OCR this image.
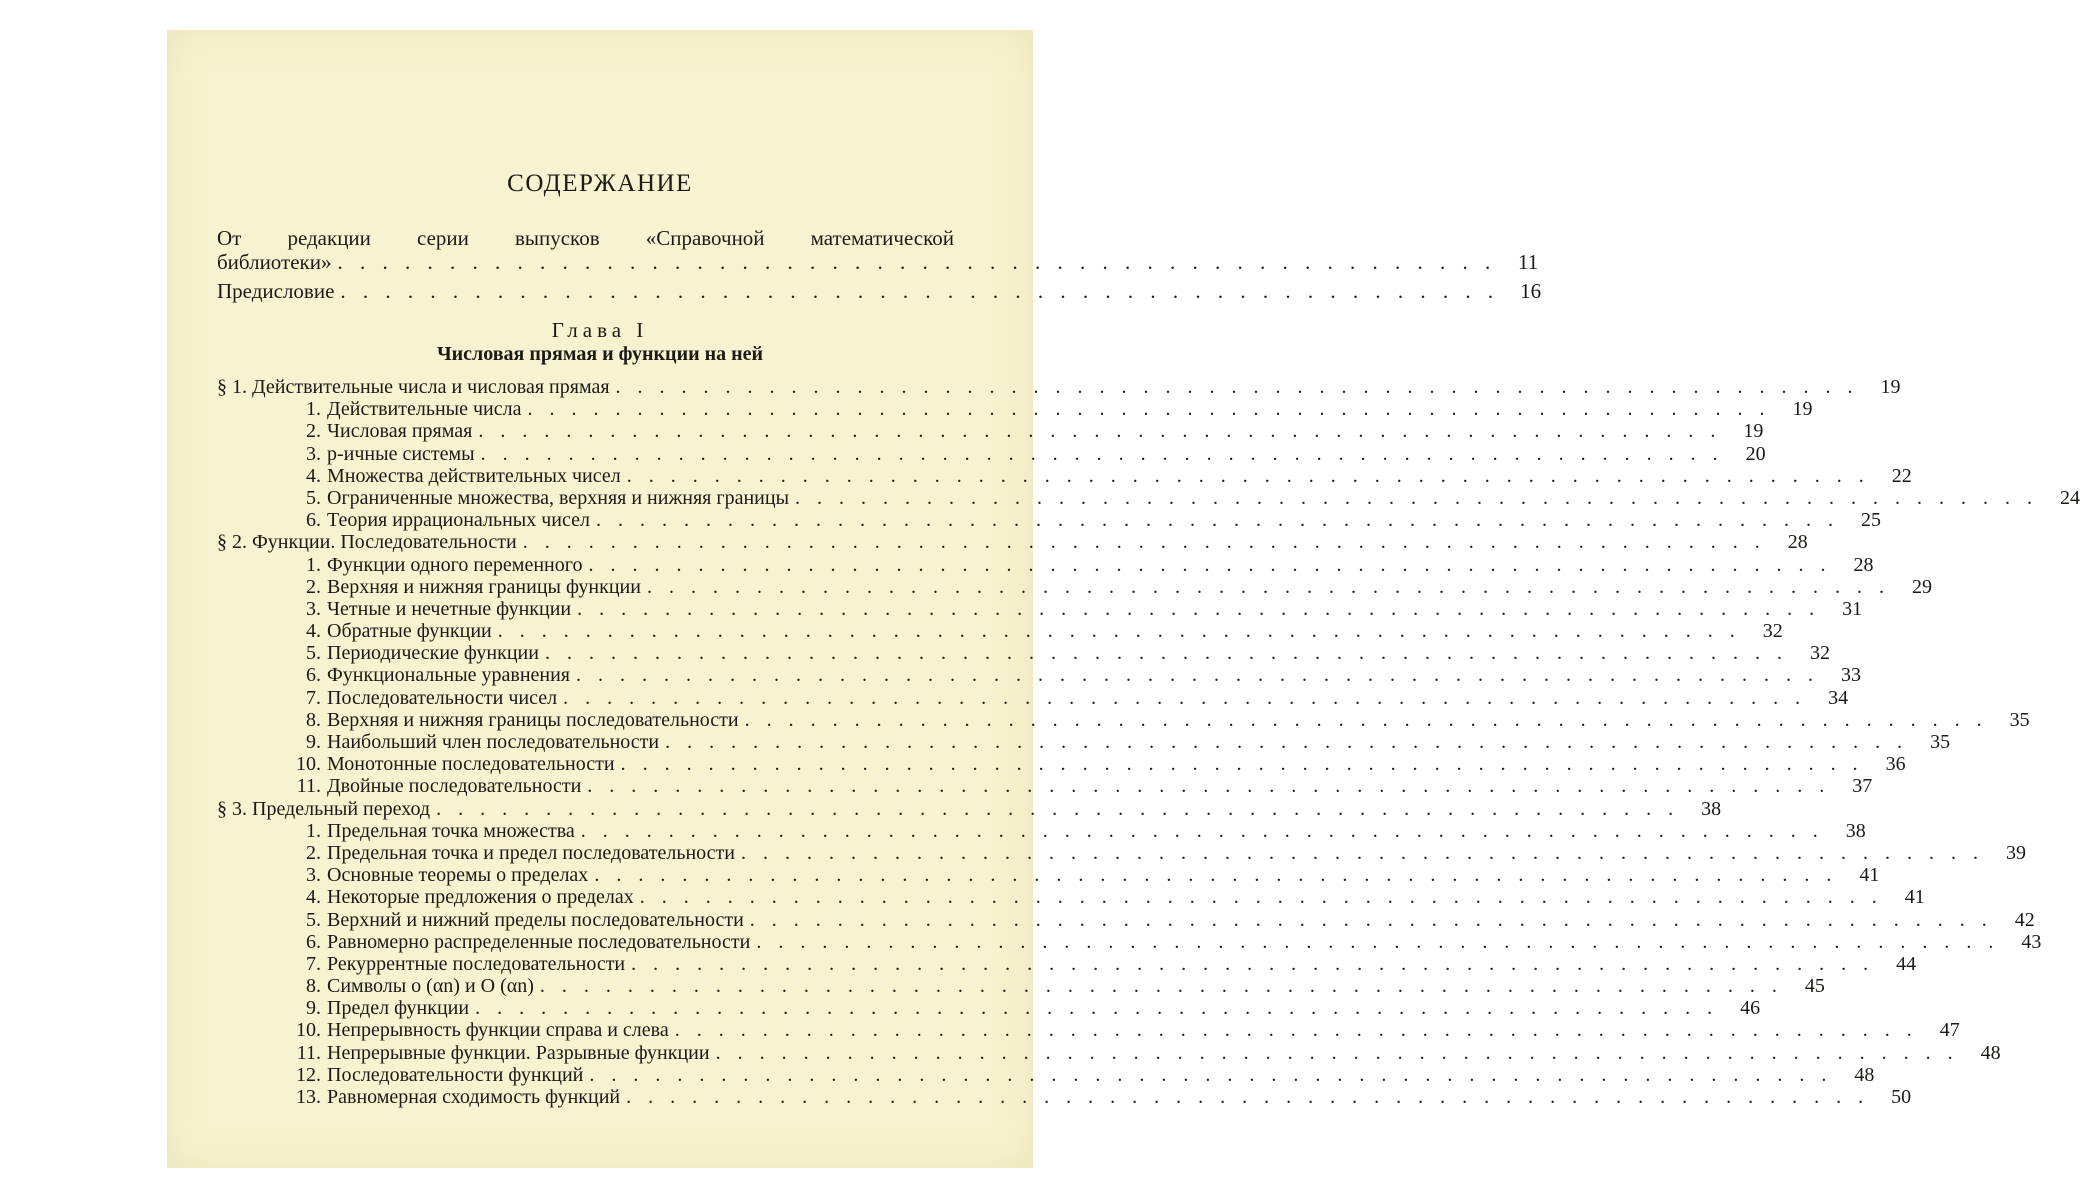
СОДЕРЖАНИЕ
От редакции серии выпусков «Справочной математической
библиотеки» . . . . . . . . . . . . . . . . . . . . . . . . . . . . . . . . . . . . . . . . . . . . . . . . . . . .	11
Предисловие . . . . . . . . . . . . . . . . . . . . . . . . . . . . . . . . . . . . . . . . . . . . . . . . . . . .	16
Глава I
Числовая прямая и функции на ней
§ 1. Действительные числа и числовая прямая . . . . . . . . . . . . . . . . . . . . . . . . . . . . . . . . . . . . . . . . . . . . . . . . . . . . . . . . .	19
1. Действительные числа . . . . . . . . . . . . . . . . . . . . . . . . . . . . . . . . . . . . . . . . . . . . . . . . . . . . . . . . .	19
2. Числовая прямая . . . . . . . . . . . . . . . . . . . . . . . . . . . . . . . . . . . . . . . . . . . . . . . . . . . . . . . . .	19
3. p-ичные системы . . . . . . . . . . . . . . . . . . . . . . . . . . . . . . . . . . . . . . . . . . . . . . . . . . . . . . . . .	20
4. Множества действительных чисел . . . . . . . . . . . . . . . . . . . . . . . . . . . . . . . . . . . . . . . . . . . . . . . . . . . . . . . . .	22
5. Ограниченные множества, верхняя и нижняя границы . . . . . . . . . . . . . . . . . . . . . . . . . . . . . . . . . . . . . . . . . . . . . . . . . . . . . . . . .	24
6. Теория иррациональных чисел . . . . . . . . . . . . . . . . . . . . . . . . . . . . . . . . . . . . . . . . . . . . . . . . . . . . . . . . .	25
§ 2. Функции. Последовательности . . . . . . . . . . . . . . . . . . . . . . . . . . . . . . . . . . . . . . . . . . . . . . . . . . . . . . . . .	28
1. Функции одного переменного . . . . . . . . . . . . . . . . . . . . . . . . . . . . . . . . . . . . . . . . . . . . . . . . . . . . . . . . .	28
2. Верхняя и нижняя границы функции . . . . . . . . . . . . . . . . . . . . . . . . . . . . . . . . . . . . . . . . . . . . . . . . . . . . . . . . .	29
3. Четные и нечетные функции . . . . . . . . . . . . . . . . . . . . . . . . . . . . . . . . . . . . . . . . . . . . . . . . . . . . . . . . .	31
4. Обратные функции . . . . . . . . . . . . . . . . . . . . . . . . . . . . . . . . . . . . . . . . . . . . . . . . . . . . . . . . .	32
5. Периодические функции . . . . . . . . . . . . . . . . . . . . . . . . . . . . . . . . . . . . . . . . . . . . . . . . . . . . . . . . .	32
6. Функциональные уравнения . . . . . . . . . . . . . . . . . . . . . . . . . . . . . . . . . . . . . . . . . . . . . . . . . . . . . . . . .	33
7. Последовательности чисел . . . . . . . . . . . . . . . . . . . . . . . . . . . . . . . . . . . . . . . . . . . . . . . . . . . . . . . . .	34
8. Верхняя и нижняя границы последовательности . . . . . . . . . . . . . . . . . . . . . . . . . . . . . . . . . . . . . . . . . . . . . . . . . . . . . . . . .	35
9. Наибольший член последовательности . . . . . . . . . . . . . . . . . . . . . . . . . . . . . . . . . . . . . . . . . . . . . . . . . . . . . . . . .	35
10. Монотонные последовательности . . . . . . . . . . . . . . . . . . . . . . . . . . . . . . . . . . . . . . . . . . . . . . . . . . . . . . . . .	36
11. Двойные последовательности . . . . . . . . . . . . . . . . . . . . . . . . . . . . . . . . . . . . . . . . . . . . . . . . . . . . . . . . .	37
§ 3. Предельный переход . . . . . . . . . . . . . . . . . . . . . . . . . . . . . . . . . . . . . . . . . . . . . . . . . . . . . . . . .	38
1. Предельная точка множества . . . . . . . . . . . . . . . . . . . . . . . . . . . . . . . . . . . . . . . . . . . . . . . . . . . . . . . . .	38
2. Предельная точка и предел последовательности . . . . . . . . . . . . . . . . . . . . . . . . . . . . . . . . . . . . . . . . . . . . . . . . . . . . . . . . .	39
3. Основные теоремы о пределах . . . . . . . . . . . . . . . . . . . . . . . . . . . . . . . . . . . . . . . . . . . . . . . . . . . . . . . . .	41
4. Некоторые предложения о пределах . . . . . . . . . . . . . . . . . . . . . . . . . . . . . . . . . . . . . . . . . . . . . . . . . . . . . . . . .	41
5. Верхний и нижний пределы последовательности . . . . . . . . . . . . . . . . . . . . . . . . . . . . . . . . . . . . . . . . . . . . . . . . . . . . . . . . .	42
6. Равномерно распределенные последовательности . . . . . . . . . . . . . . . . . . . . . . . . . . . . . . . . . . . . . . . . . . . . . . . . . . . . . . . . .	43
7. Рекуррентные последовательности . . . . . . . . . . . . . . . . . . . . . . . . . . . . . . . . . . . . . . . . . . . . . . . . . . . . . . . . .	44
8. Символы o (αn) и O (αn) . . . . . . . . . . . . . . . . . . . . . . . . . . . . . . . . . . . . . . . . . . . . . . . . . . . . . . . . .	45
9. Предел функции . . . . . . . . . . . . . . . . . . . . . . . . . . . . . . . . . . . . . . . . . . . . . . . . . . . . . . . . .	46
10. Непрерывность функции справа и слева . . . . . . . . . . . . . . . . . . . . . . . . . . . . . . . . . . . . . . . . . . . . . . . . . . . . . . . . .	47
11. Непрерывные функции. Разрывные функции . . . . . . . . . . . . . . . . . . . . . . . . . . . . . . . . . . . . . . . . . . . . . . . . . . . . . . . . .	48
12. Последовательности функций . . . . . . . . . . . . . . . . . . . . . . . . . . . . . . . . . . . . . . . . . . . . . . . . . . . . . . . . .	48
13. Равномерная сходимость функций . . . . . . . . . . . . . . . . . . . . . . . . . . . . . . . . . . . . . . . . . . . . . . . . . . . . . . . . .	50
